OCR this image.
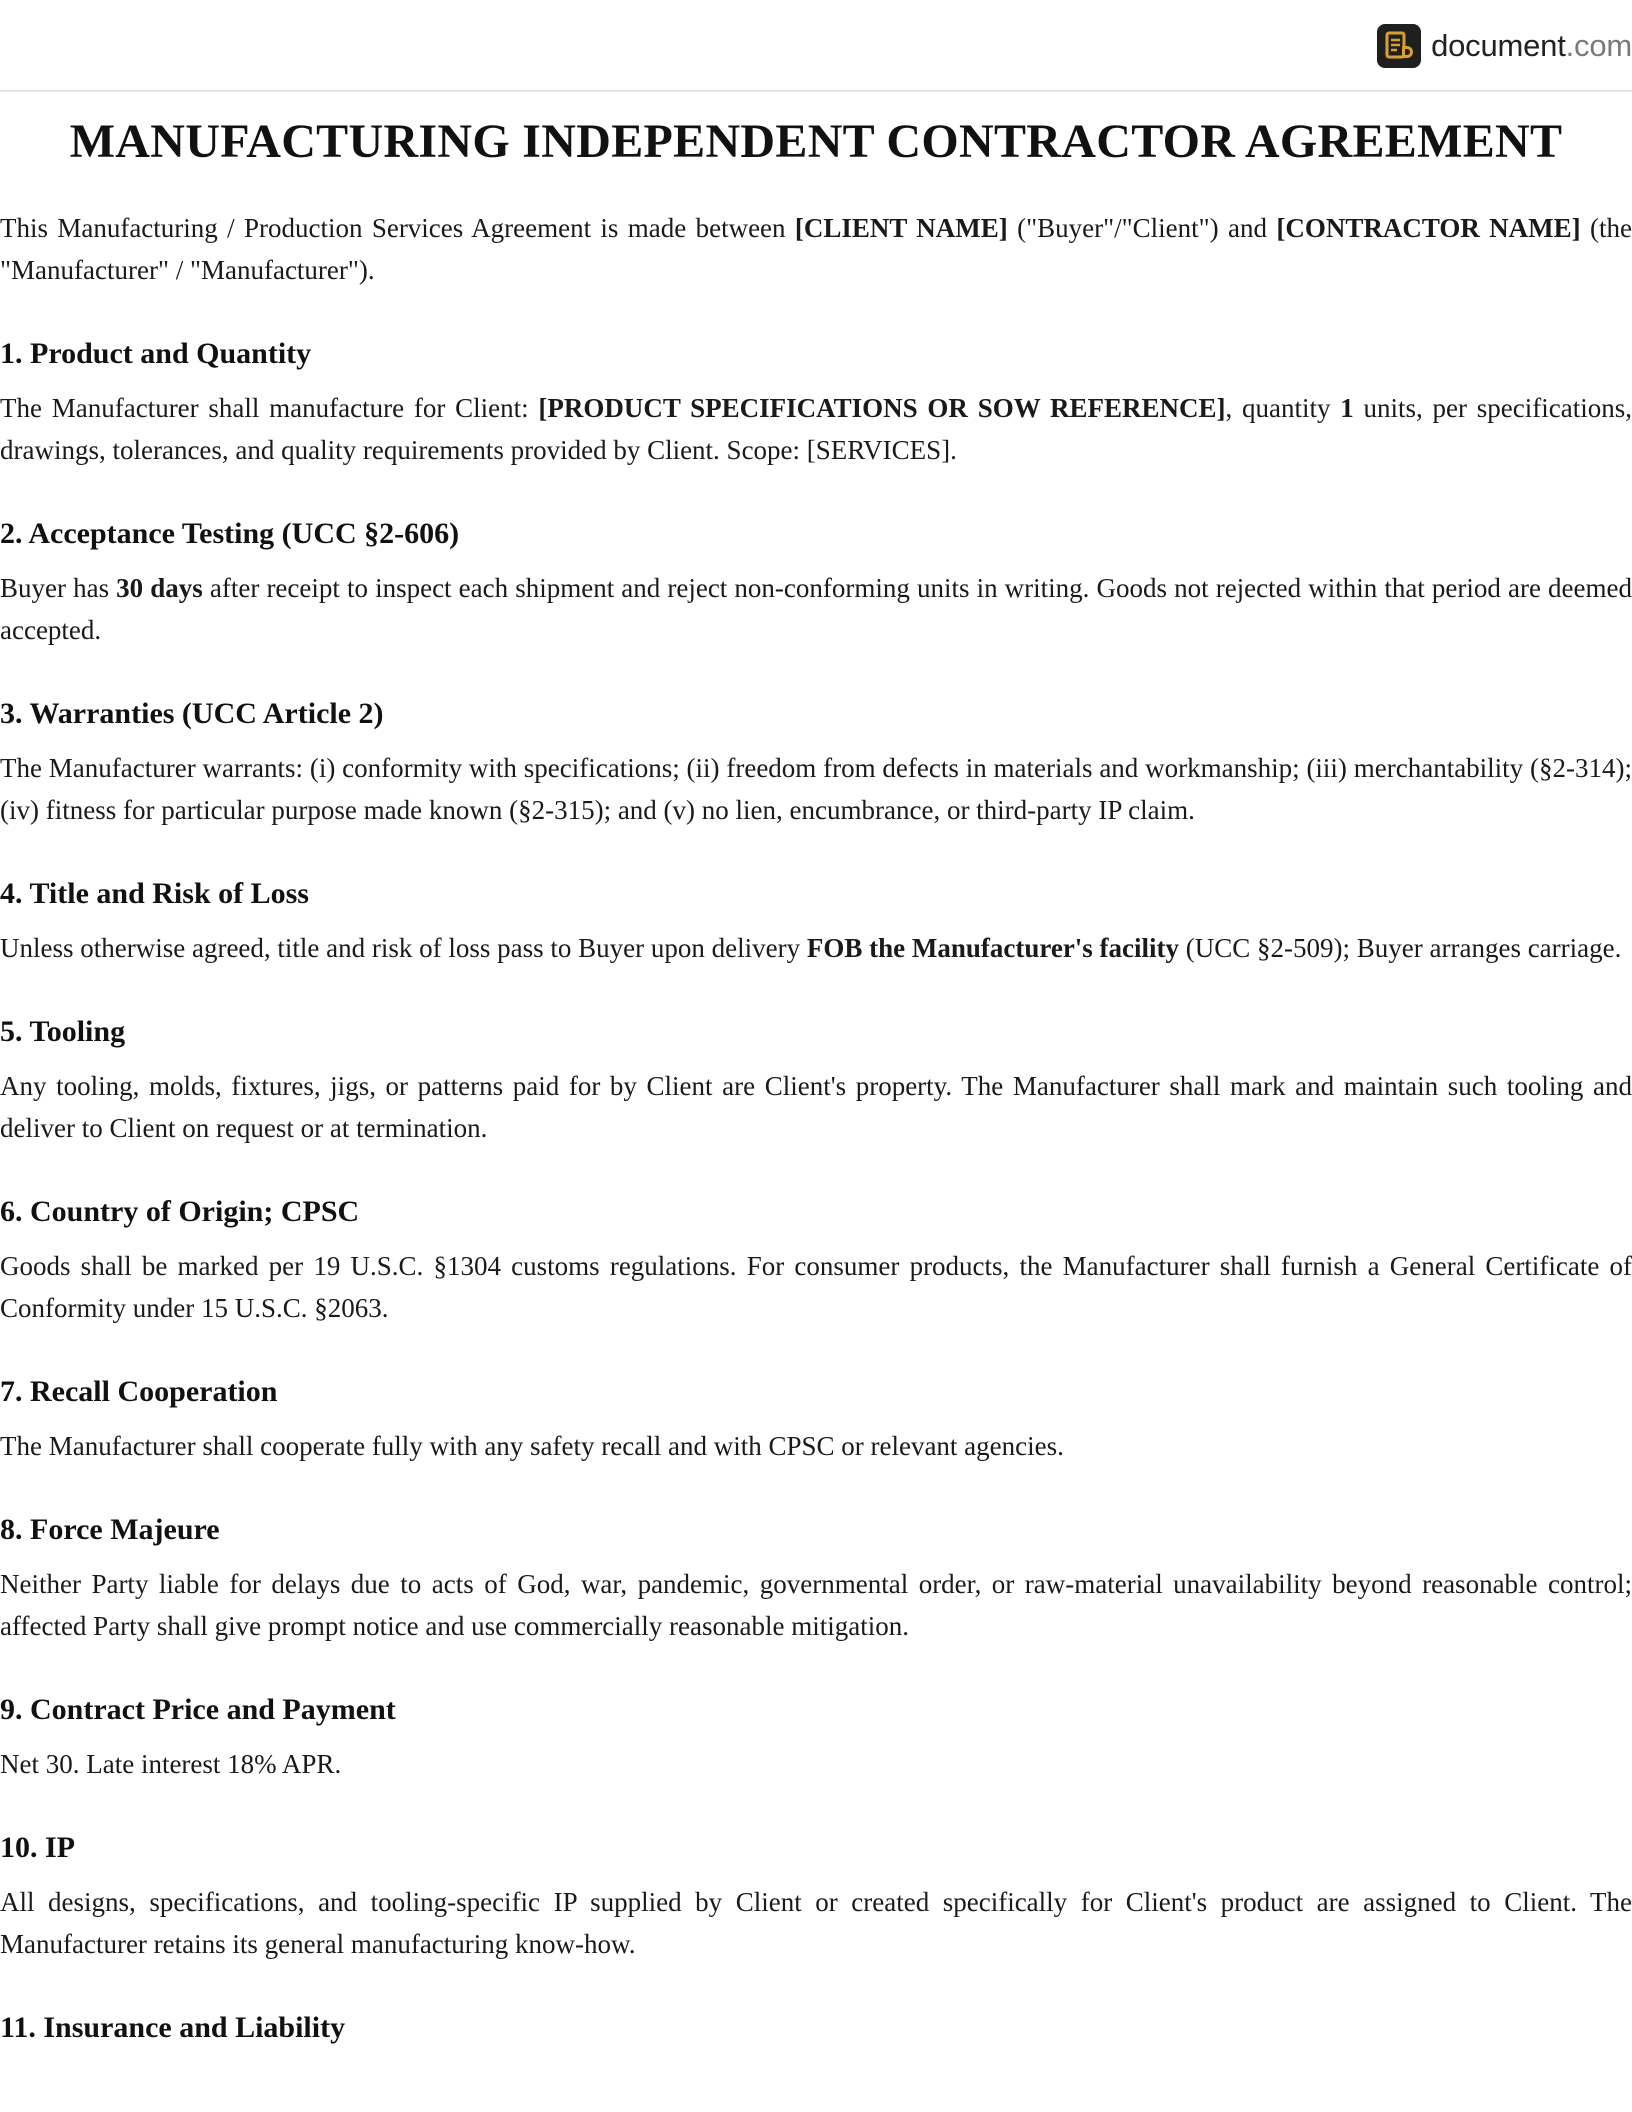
document.com
MANUFACTURING INDEPENDENT CONTRACTOR AGREEMENT

This Manufacturing / Production Services Agreement is made between [CLIENT NAME] ("Buyer"/"Client") and [CONTRACTOR NAME] (the "Manufacturer" / "Manufacturer").

1. Product and Quantity

The Manufacturer shall manufacture for Client: [PRODUCT SPECIFICATIONS OR SOW REFERENCE], quantity 1 units, per specifications, drawings, tolerances, and quality requirements provided by Client. Scope: [SERVICES].

2. Acceptance Testing (UCC §2-606)

Buyer has 30 days after receipt to inspect each shipment and reject non-conforming units in writing. Goods not rejected within that period are deemed accepted.

3. Warranties (UCC Article 2)

The Manufacturer warrants: (i) conformity with specifications; (ii) freedom from defects in materials and workmanship; (iii) merchantability (§2-314); (iv) fitness for particular purpose made known (§2-315); and (v) no lien, encumbrance, or third-party IP claim.

4. Title and Risk of Loss

Unless otherwise agreed, title and risk of loss pass to Buyer upon delivery FOB the Manufacturer's facility (UCC §2-509); Buyer arranges carriage.

5. Tooling

Any tooling, molds, fixtures, jigs, or patterns paid for by Client are Client's property. The Manufacturer shall mark and maintain such tooling and deliver to Client on request or at termination.

6. Country of Origin; CPSC

Goods shall be marked per 19 U.S.C. §1304 customs regulations. For consumer products, the Manufacturer shall furnish a General Certificate of Conformity under 15 U.S.C. §2063.

7. Recall Cooperation

The Manufacturer shall cooperate fully with any safety recall and with CPSC or relevant agencies.

8. Force Majeure

Neither Party liable for delays due to acts of God, war, pandemic, governmental order, or raw-material unavailability beyond reasonable control; affected Party shall give prompt notice and use commercially reasonable mitigation.

9. Contract Price and Payment

Net 30. Late interest 18% APR.

10. IP

All designs, specifications, and tooling-specific IP supplied by Client or created specifically for Client's product are assigned to Client. The Manufacturer retains its general manufacturing know-how.

11. Insurance and Liability
